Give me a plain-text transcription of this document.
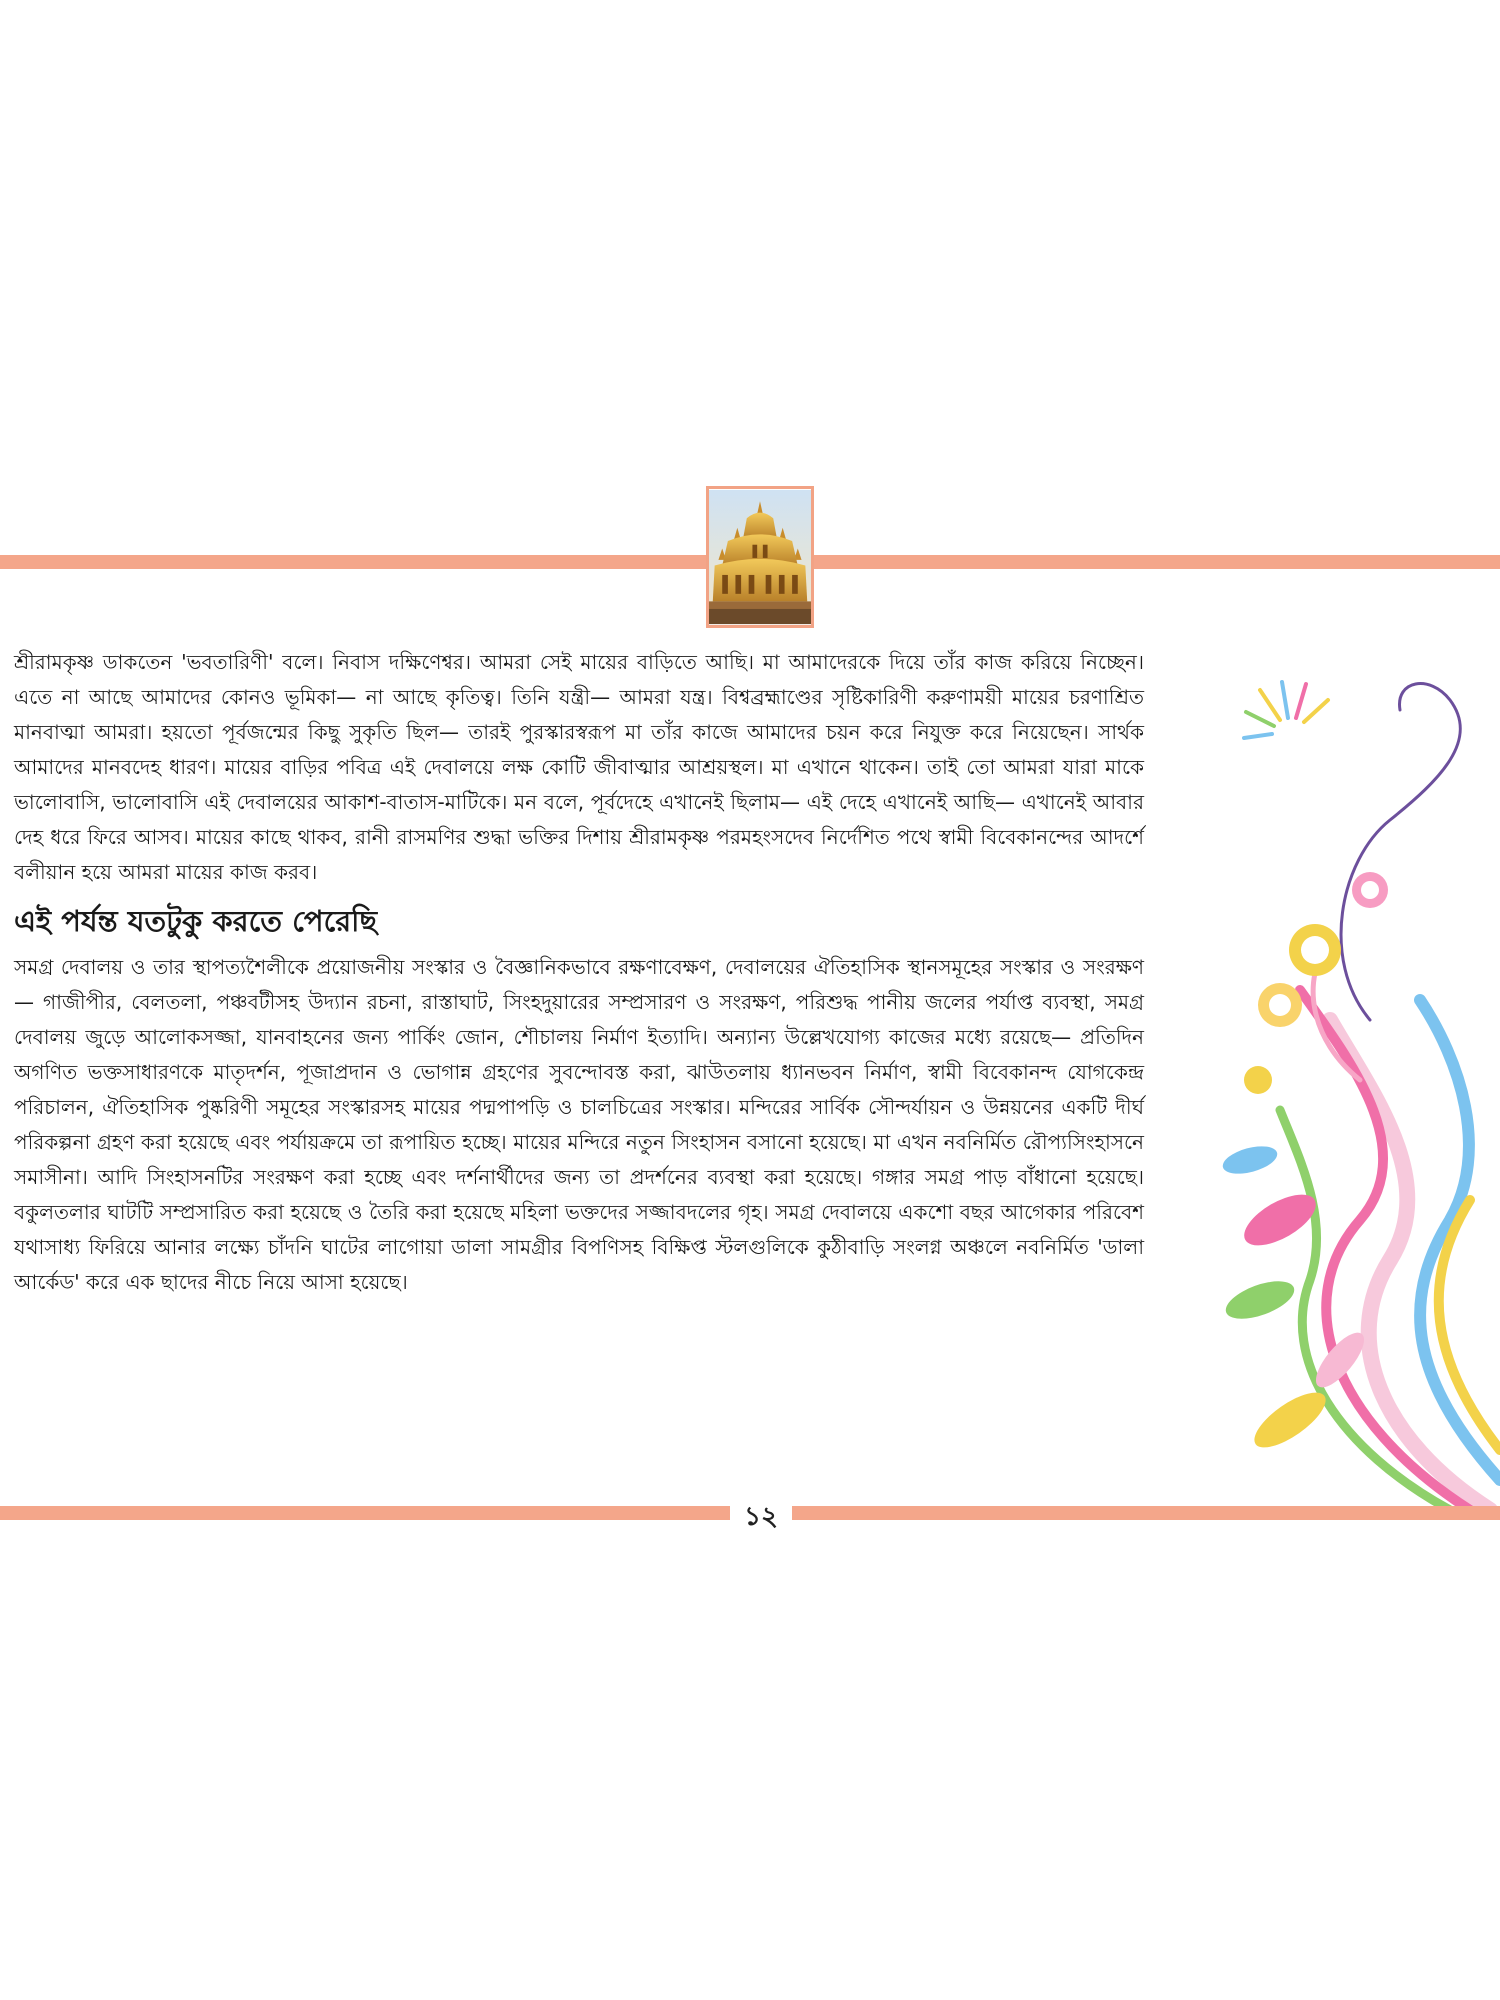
শ্রীরামকৃষ্ণ ডাকতেন 'ভবতারিণী' বলে। নিবাস দক্ষিণেশ্বর। আমরা সেই মায়ের বাড়িতে আছি। মা আমাদেরকে দিয়ে তাঁর কাজ করিয়ে নিচ্ছেন। এতে না আছে আমাদের কোনও ভূমিকা— না আছে কৃতিত্ব। তিনি যন্ত্রী— আমরা যন্ত্র। বিশ্বব্রহ্মাণ্ডের সৃষ্টিকারিণী করুণাময়ী মায়ের চরণাশ্রিত মানবাত্মা আমরা। হয়তো পূর্বজন্মের কিছু সুকৃতি ছিল— তারই পুরস্কারস্বরূপ মা তাঁর কাজে আমাদের চয়ন করে নিযুক্ত করে নিয়েছেন। সার্থক আমাদের মানবদেহ ধারণ। মায়ের বাড়ির পবিত্র এই দেবালয়ে লক্ষ কোটি জীবাত্মার আশ্রয়স্থল। মা এখানে থাকেন। তাই তো আমরা যারা মাকে ভালোবাসি, ভালোবাসি এই দেবালয়ের আকাশ-বাতাস-মাটিকে। মন বলে, পূর্বদেহে এখানেই ছিলাম— এই দেহে এখানেই আছি— এখানেই আবার দেহ ধরে ফিরে আসব। মায়ের কাছে থাকব, রানী রাসমণির শুদ্ধা ভক্তির দিশায় শ্রীরামকৃষ্ণ পরমহংসদেব নির্দেশিত পথে স্বামী বিবেকানন্দের আদর্শে বলীয়ান হয়ে আমরা মায়ের কাজ করব।

এই পর্যন্ত যতটুকু করতে পেরেছি

সমগ্র দেবালয় ও তার স্থাপত্যশৈলীকে প্রয়োজনীয় সংস্কার ও বৈজ্ঞানিকভাবে রক্ষণাবেক্ষণ, দেবালয়ের ঐতিহাসিক স্থানসমূহের সংস্কার ও সংরক্ষণ— গাজীপীর, বেলতলা, পঞ্চবটীসহ উদ্যান রচনা, রাস্তাঘাট, সিংহদুয়ারের সম্প্রসারণ ও সংরক্ষণ, পরিশুদ্ধ পানীয় জলের পর্যাপ্ত ব্যবস্থা, সমগ্র দেবালয় জুড়ে আলোকসজ্জা, যানবাহনের জন্য পার্কিং জোন, শৌচালয় নির্মাণ ইত্যাদি। অন্যান্য উল্লেখযোগ্য কাজের মধ্যে রয়েছে— প্রতিদিন অগণিত ভক্তসাধারণকে মাতৃদর্শন, পূজাপ্রদান ও ভোগান্ন গ্রহণের সুবন্দোবস্ত করা, ঝাউতলায় ধ্যানভবন নির্মাণ, স্বামী বিবেকানন্দ যোগকেন্দ্র পরিচালন, ঐতিহাসিক পুষ্করিণী সমূহের সংস্কারসহ মায়ের পদ্মপাপড়ি ও চালচিত্রের সংস্কার। মন্দিরের সার্বিক সৌন্দর্যায়ন ও উন্নয়নের একটি দীর্ঘ পরিকল্পনা গ্রহণ করা হয়েছে এবং পর্যায়ক্রমে তা রূপায়িত হচ্ছে। মায়ের মন্দিরে নতুন সিংহাসন বসানো হয়েছে। মা এখন নবনির্মিত রৌপ্যসিংহাসনে সমাসীনা। আদি সিংহাসনটির সংরক্ষণ করা হচ্ছে এবং দর্শনার্থীদের জন্য তা প্রদর্শনের ব্যবস্থা করা হয়েছে। গঙ্গার সমগ্র পাড় বাঁধানো হয়েছে। বকুলতলার ঘাটটি সম্প্রসারিত করা হয়েছে ও তৈরি করা হয়েছে মহিলা ভক্তদের সজ্জাবদলের গৃহ। সমগ্র দেবালয়ে একশো বছর আগেকার পরিবেশ যথাসাধ্য ফিরিয়ে আনার লক্ষ্যে চাঁদনি ঘাটের লাগোয়া ডালা সামগ্রীর বিপণিসহ বিক্ষিপ্ত স্টলগুলিকে কুঠীবাড়ি সংলগ্ন অঞ্চলে নবনির্মিত 'ডালা আর্কেড' করে এক ছাদের নীচে নিয়ে আসা হয়েছে।

১২
